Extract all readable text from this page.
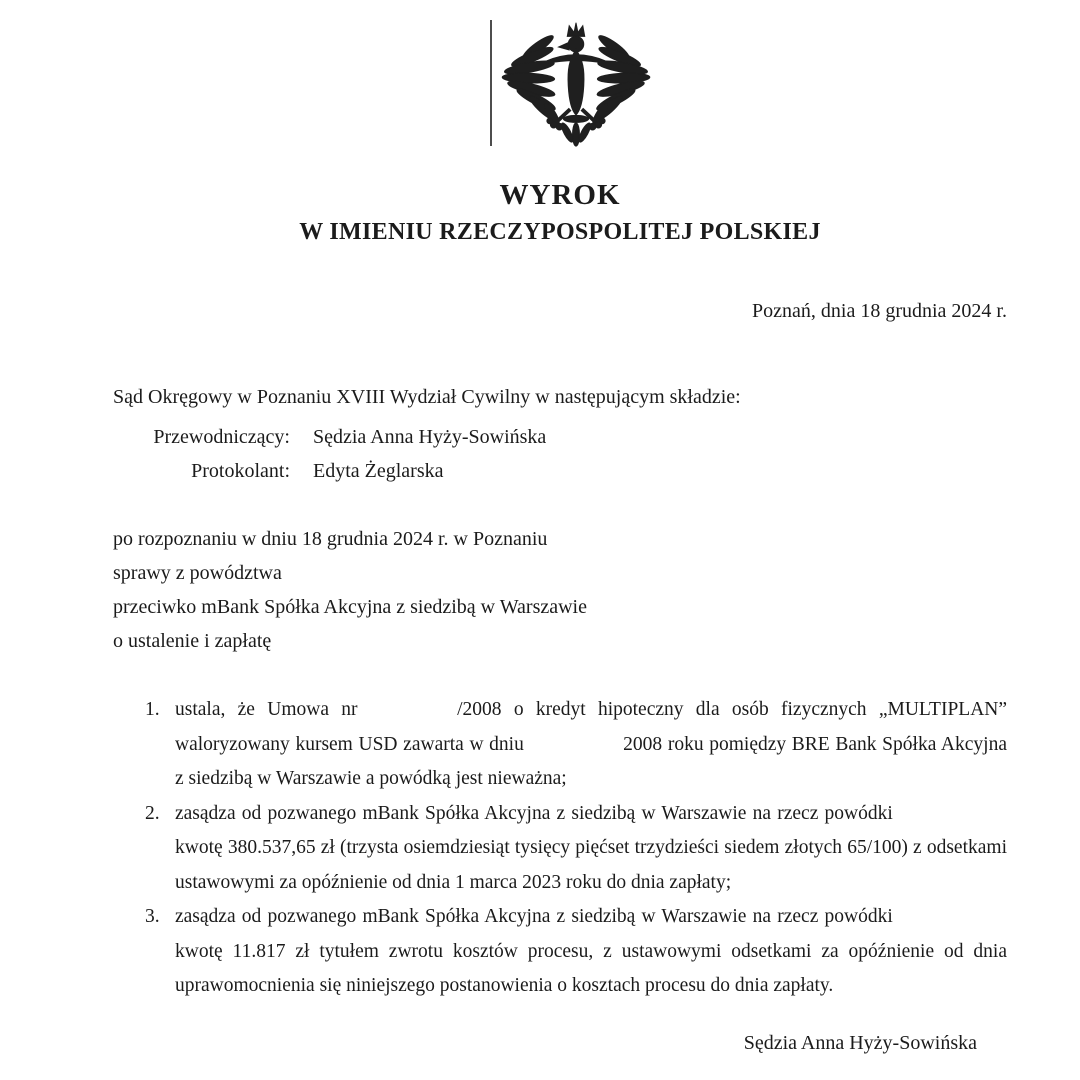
WYROK
W IMIENIU RZECZYPOSPOLITEJ POLSKIEJ
Poznań, dnia 18 grudnia 2024 r.
Sąd Okręgowy w Poznaniu XVIII Wydział Cywilny w następującym składzie:
Przewodniczący: Sędzia Anna Hyży-Sowińska
Protokolant: Edyta Żeglarska
po rozpoznaniu w dniu 18 grudnia 2024 r. w Poznaniu
sprawy z powództwa
przeciwko mBank Spółka Akcyjna z siedzibą w Warszawie
o ustalenie i zapłatę
1. ustala, że Umowa nr	/2008 o kredyt hipoteczny dla osób fizycznych „MULTIPLAN” waloryzowany kursem USD zawarta w dniu	2008 roku pomiędzy BRE Bank Spółka Akcyjna z siedzibą w Warszawie a powódką jest nieważna;
2. zasądza od pozwanego mBank Spółka Akcyjna z siedzibą w Warszawie na rzecz powódki  kwotę 380.537,65 zł (trzysta osiemdziesiąt tysięcy pięćset trzydzieści siedem złotych 65/100) z odsetkami ustawowymi za opóźnienie od dnia 1 marca 2023 roku do dnia zapłaty;
3. zasądza od pozwanego mBank Spółka Akcyjna z siedzibą w Warszawie na rzecz powódki  kwotę 11.817 zł tytułem zwrotu kosztów procesu, z ustawowymi odsetkami za opóźnienie od dnia uprawomocnienia się niniejszego postanowienia o kosztach procesu do dnia zapłaty.
Sędzia Anna Hyży-Sowińska
